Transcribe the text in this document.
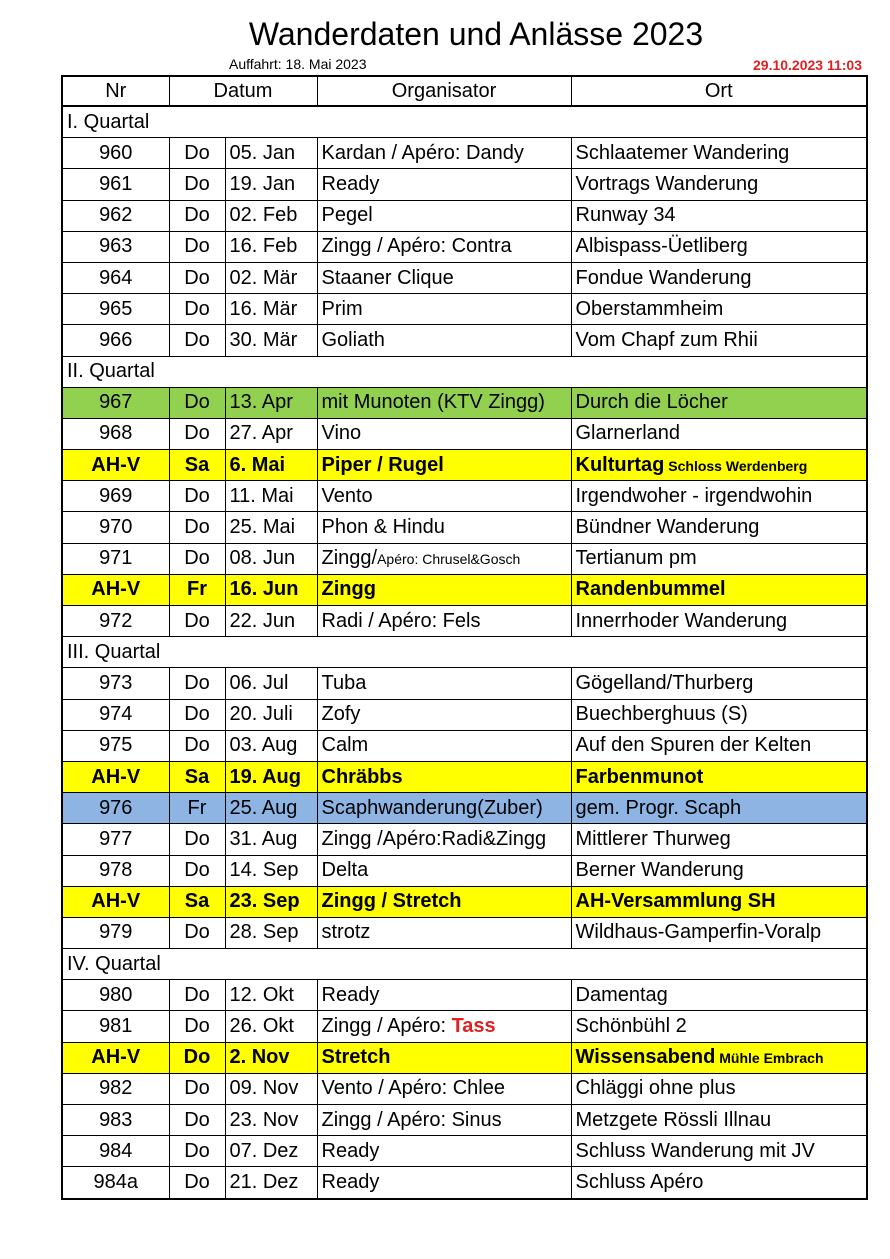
Wanderdaten und Anlässe 2023
Auffahrt: 18. Mai 2023	29.10.2023 11:03
Nr	Datum		Organisator	Ort
I. Quartal				
960	Do	05. Jan	Kardan / Apéro: Dandy	Schlaatemer Wandering
961	Do	19. Jan	Ready	Vortrags Wanderung
962	Do	02. Feb	Pegel	Runway 34
963	Do	16. Feb	Zingg / Apéro: Contra	Albispass-Üetliberg
964	Do	02. Mär	Staaner Clique	Fondue Wanderung
965	Do	16. Mär	Prim	Oberstammheim
966	Do	30. Mär	Goliath	Vom Chapf zum Rhii
II. Quartal				
967	Do	13. Apr	mit Munoten (KTV Zingg)	Durch die Löcher
968	Do	27. Apr	Vino	Glarnerland
AH-V	Sa	6. Mai	Piper / Rugel	Kulturtag Schloss Werdenberg
969	Do	11. Mai	Vento	Irgendwoher - irgendwohin
970	Do	25. Mai	Phon & Hindu	Bündner Wanderung
971	Do	08. Jun	Zingg/Apéro: Chrusel&Gosch	Tertianum pm
AH-V	Fr	16. Jun	Zingg	Randenbummel
972	Do	22. Jun	Radi / Apéro: Fels	Innerrhoder Wanderung
III. Quartal				
973	Do	06. Jul	Tuba	Gögelland/Thurberg
974	Do	20. Juli	Zofy	Buechberghuus (S)
975	Do	03. Aug	Calm	Auf den Spuren der Kelten
AH-V	Sa	19. Aug	Chräbbs	Farbenmunot
976	Fr	25. Aug	Scaphwanderung(Zuber)	gem. Progr. Scaph
977	Do	31. Aug	Zingg /Apéro:Radi&Zingg	Mittlerer Thurweg
978	Do	14. Sep	Delta	Berner Wanderung
AH-V	Sa	23. Sep	Zingg / Stretch	AH-Versammlung SH
979	Do	28. Sep	strotz	Wildhaus-Gamperfin-Voralp
IV. Quartal				
980	Do	12. Okt	Ready	Damentag
981	Do	26. Okt	Zingg / Apéro: Tass	Schönbühl 2
AH-V	Do	2. Nov	Stretch	Wissensabend Mühle Embrach
982	Do	09. Nov	Vento / Apéro: Chlee	Chläggi ohne plus
983	Do	23. Nov	Zingg / Apéro: Sinus	Metzgete Rössli Illnau
984	Do	07. Dez	Ready	Schluss Wanderung mit JV
984a	Do	21. Dez	Ready	Schluss Apéro
